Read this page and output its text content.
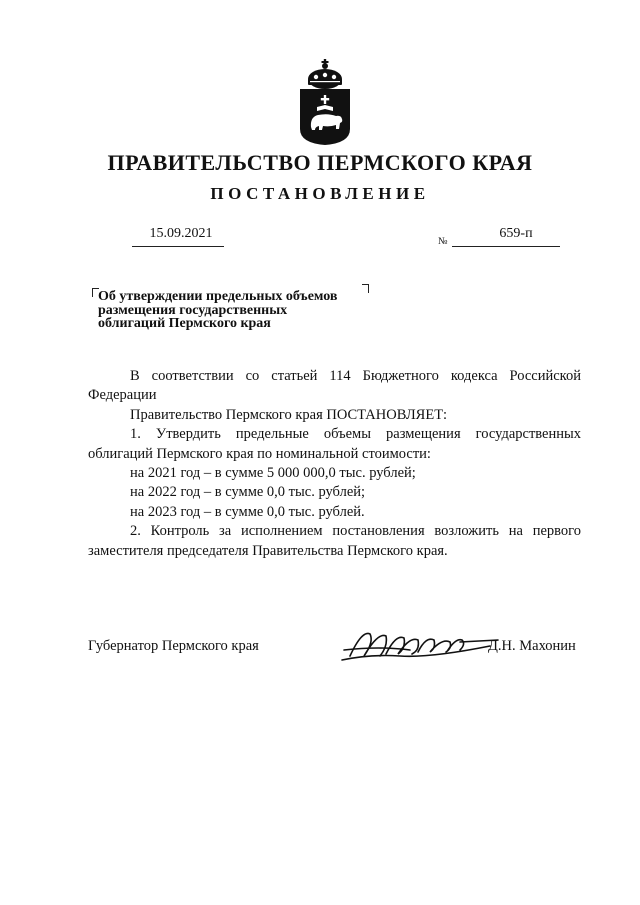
ПРАВИТЕЛЬСТВО ПЕРМСКОГО КРАЯ
ПОСТАНОВЛЕНИЕ
15.09.2021
№
659-п
Об утверждении предельных объемов
размещения государственных
облигаций Пермского края

В соответствии со статьей 114 Бюджетного кодекса Российской Федерации

Правительство Пермского края ПОСТАНОВЛЯЕТ:

1. Утвердить предельные объемы размещения государственных облигаций Пермского края по номинальной стоимости:

на 2021 год – в сумме 5 000 000,0 тыс. рублей;

на 2022 год – в сумме 0,0 тыс. рублей;

на 2023 год – в сумме 0,0 тыс. рублей.

2. Контроль за исполнением постановления возложить на первого заместителя председателя Правительства Пермского края.

Губернатор Пермского края	Д.Н. Махонин
